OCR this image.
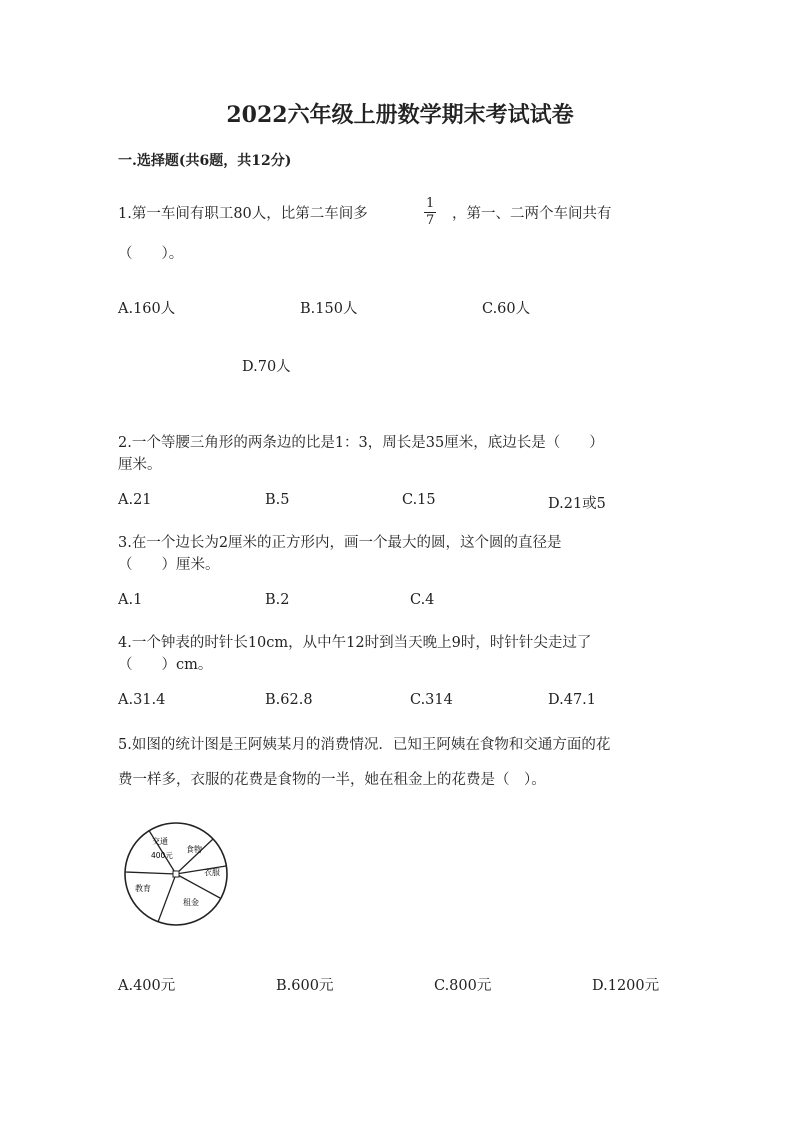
2022六年级上册数学期末考试试卷
一.选择题(共6题，共12分)
1.第一车间有职工80人，比第二车间多	$\frac{1}{7}$ ，第一、二两个车间共有
（　　）。
A.160人	B.150人	C.60人
D.70人
2.一个等腰三角形的两条边的比是1：3，周长是35厘米，底边长是（　　）
厘米。
A.21	B.5	C.15	D.21或5
3.在一个边长为2厘米的正方形内，画一个最大的圆，这个圆的直径是
（　　）厘米。
A.1	B.2	C.4
4.一个钟表的时针长10cm，从中午12时到当天晚上9时，时针针尖走过了
（　　）cm。
A.31.4	B.62.8	C.314	D.47.1
5.如图的统计图是王阿姨某月的消费情况．已知王阿姨在食物和交通方面的花
费一样多，衣服的花费是食物的一半，她在租金上的花费是（　）。
交通
400元
食物
衣服
教育
租金
A.400元	B.600元	C.800元	D.1200元
